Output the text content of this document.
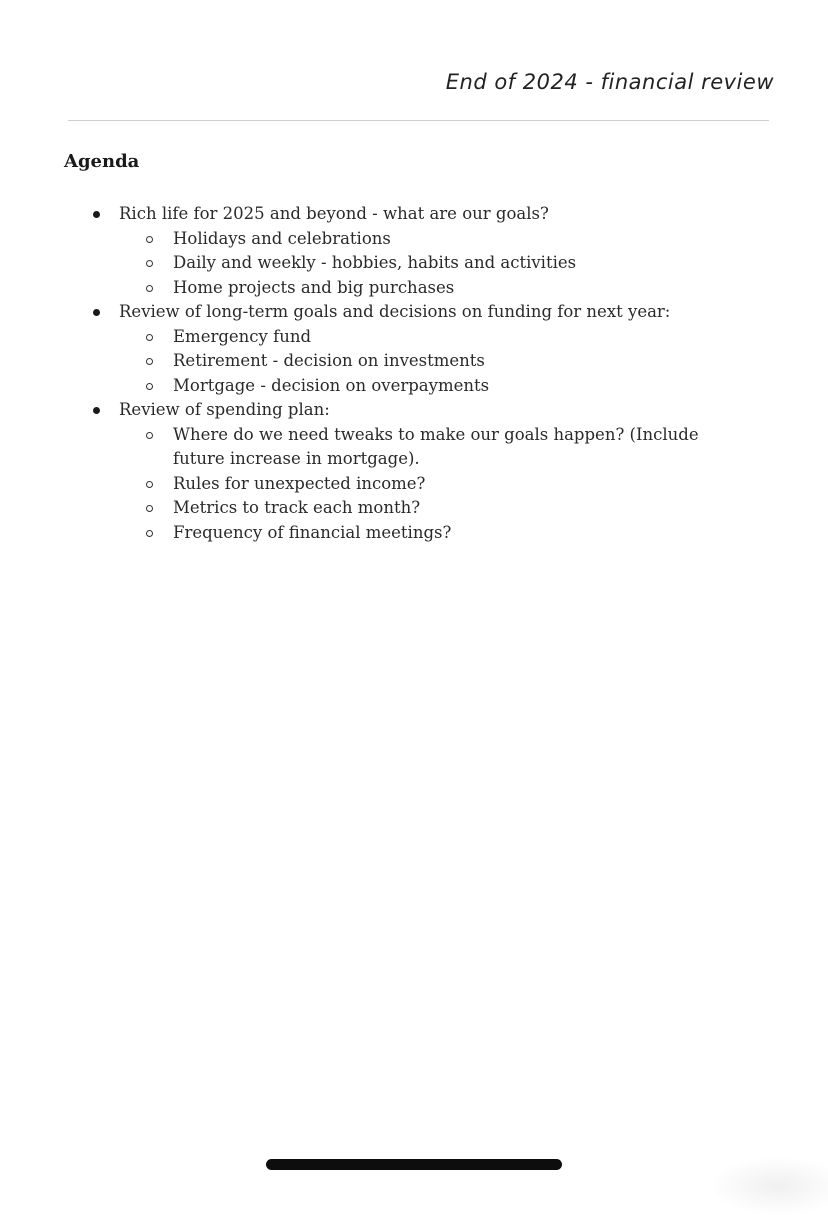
End of 2024 - financial review
Agenda
Rich life for 2025 and beyond - what are our goals?
Holidays and celebrations
Daily and weekly - hobbies, habits and activities
Home projects and big purchases
Review of long-term goals and decisions on funding for next year:
Emergency fund
Retirement - decision on investments
Mortgage - decision on overpayments
Review of spending plan:
Where do we need tweaks to make our goals happen? (Include future increase in mortgage).
Rules for unexpected income?
Metrics to track each month?
Frequency of financial meetings?
